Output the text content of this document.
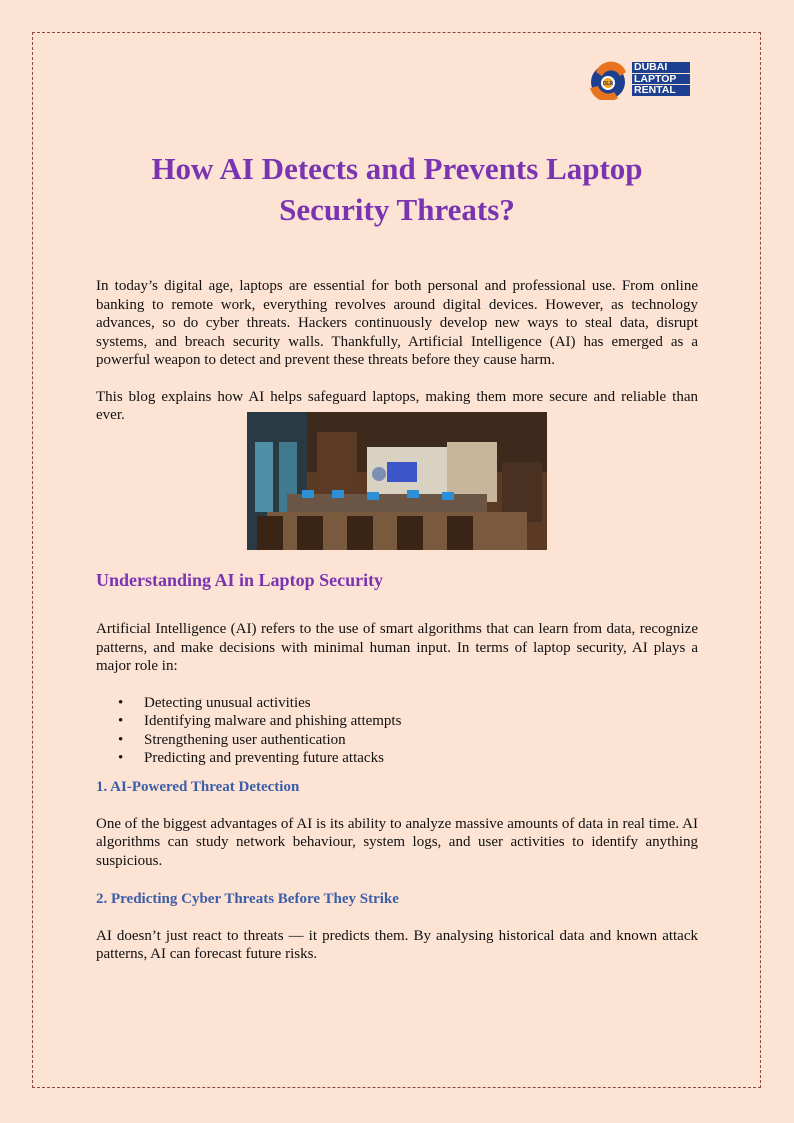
DLR
DUBAI
LAPTOP
RENTAL
How AI Detects and Prevents Laptop Security Threats?

In today’s digital age, laptops are essential for both personal and professional use. From online banking to remote work, everything revolves around digital devices. However, as technology advances, so do cyber threats. Hackers continuously develop new ways to steal data, disrupt systems, and breach security walls. Thankfully, Artificial Intelligence (AI) has emerged as a powerful weapon to detect and prevent these threats before they cause harm.

This blog explains how AI helps safeguard laptops, making them more secure and reliable than ever.

Understanding AI in Laptop Security

Artificial Intelligence (AI) refers to the use of smart algorithms that can learn from data, recognize patterns, and make decisions with minimal human input. In terms of laptop security, AI plays a major role in:

• Detecting unusual activities
• Identifying malware and phishing attempts
• Strengthening user authentication
• Predicting and preventing future attacks
1. AI-Powered Threat Detection

One of the biggest advantages of AI is its ability to analyze massive amounts of data in real time. AI algorithms can study network behaviour, system logs, and user activities to identify anything suspicious.

2. Predicting Cyber Threats Before They Strike

AI doesn’t just react to threats — it predicts them. By analysing historical data and known attack patterns, AI can forecast future risks.
